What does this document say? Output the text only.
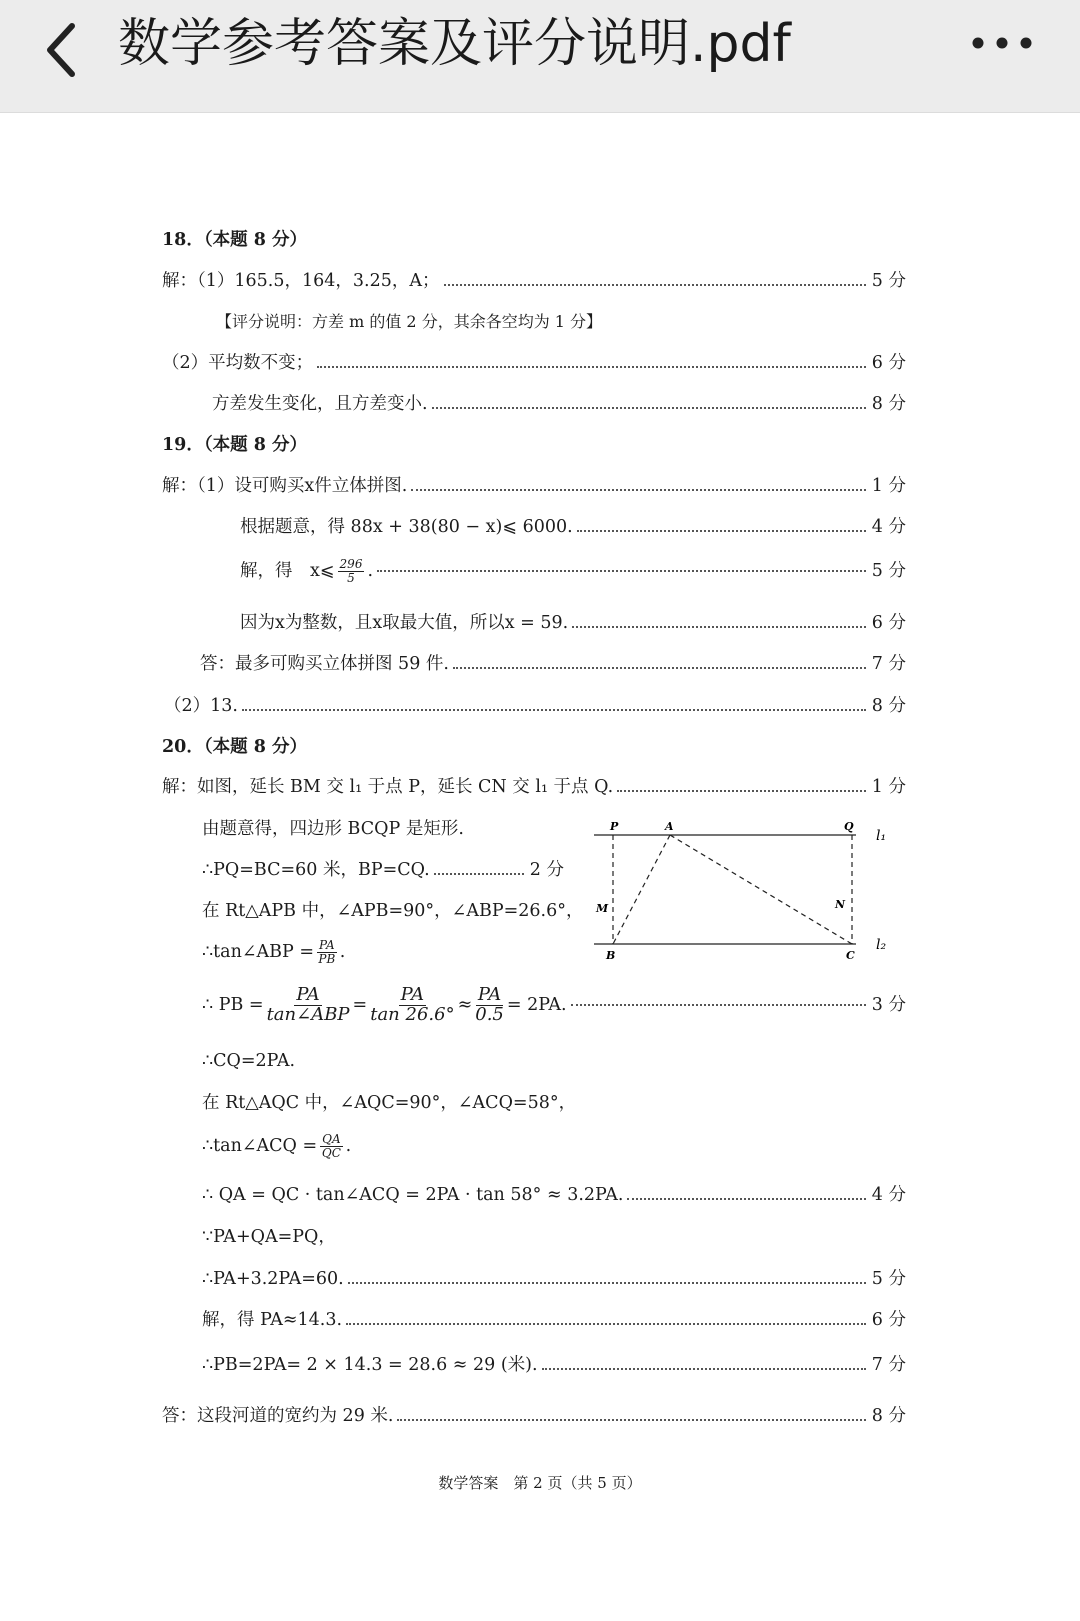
数学参考答案及评分说明.pdf
18．（本题 8 分）
解：（1）165.5，164，3.25，A；	5 分
【评分说明：方差 m 的值 2 分，其余各空均为 1 分】
（2）平均数不变；	6 分
方差发生变化，且方差变小.	8 分
19．（本题 8 分）
解：（1）设可购买x件立体拼图.	1 分
根据题意，得 88x + 38(80 − x)⩽ 6000.	4 分
解，得　x⩽ $\frac{296}{5}$ .	5 分
因为x为整数，且x取最大值，所以x = 59.	6 分
答：最多可购买立体拼图 59 件.	7 分
（2）13.	8 分
20．（本题 8 分）
解：如图，延长 BM 交 l₁ 于点 P，延长 CN 交 l₁ 于点 Q.	1 分
由题意得，四边形 BCQP 是矩形.
∴PQ=BC=60 米，BP=CQ.	2 分
在 Rt△APB 中，∠APB=90°，∠ABP=26.6°，
∴tan∠ABP = $\frac{PA}{PB}$ .
P	A	Q
l₁
M	N
B	C
l₂
∴ PB = $\frac{PA}{\text{tan∠ABP}} = \frac{PA}{\tan 26.6^\circ} \approx \frac{PA}{0.5} = 2PA$.	3 分
∴CQ=2PA.
在 Rt△AQC 中，∠AQC=90°，∠ACQ=58°，
∴tan∠ACQ = $\frac{QA}{QC}$ .
∴ QA = QC · tan∠ACQ = 2PA · tan 58° ≈ 3.2PA.	4 分
∵PA+QA=PQ，
∴PA+3.2PA=60.	5 分
解，得 PA≈14.3.	6 分
∴PB=2PA= 2 × 14.3 = 28.6 ≈ 29 (米).	7 分
答：这段河道的宽约为 29 米.	8 分
数学答案　第 2 页（共 5 页）
